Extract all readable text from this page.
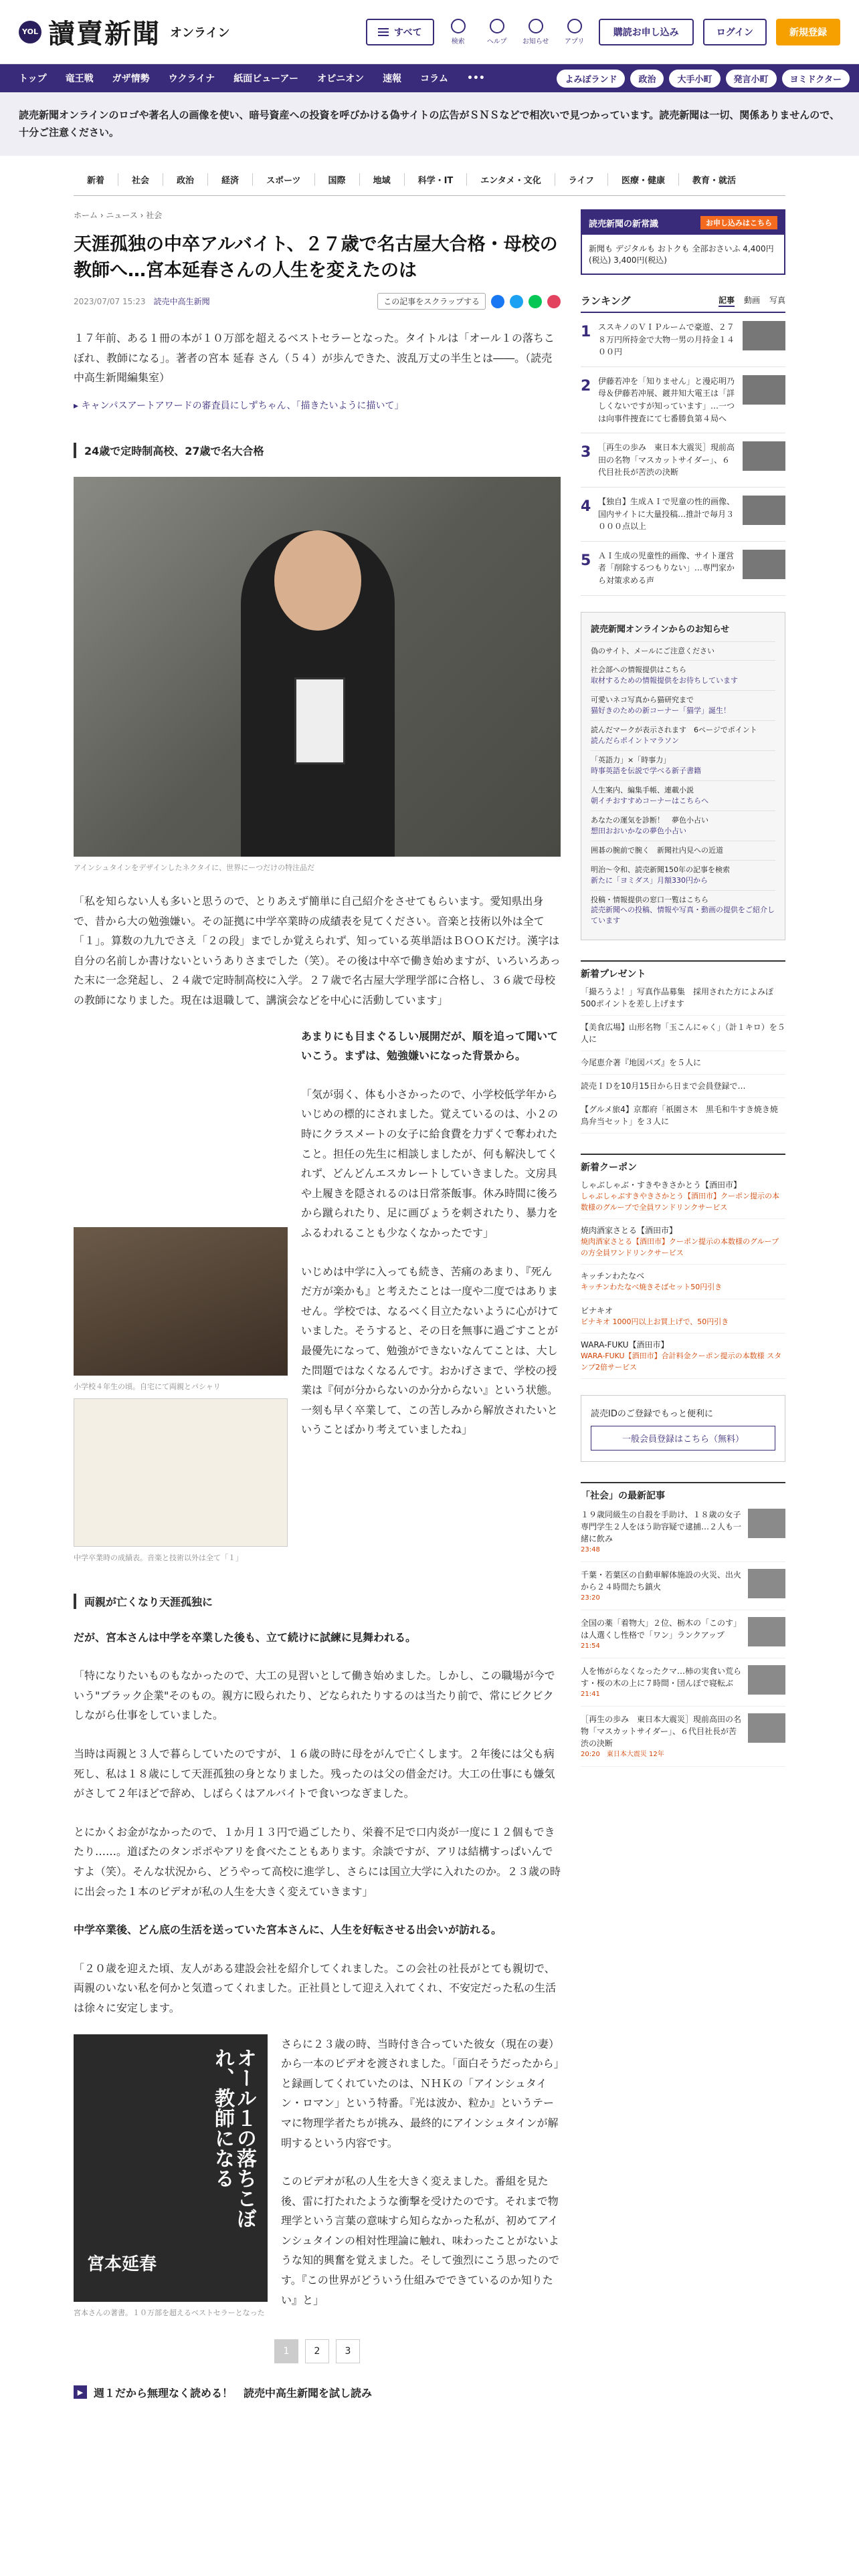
YOL 讀賣新聞 オンライン	すべて
検索	ヘルプ お知らせ アプリ
購読お申し込み	ログイン	新規登録
トップ	竜王戦	ガザ情勢	ウクライナ	紙面ビューアー	オピニオン	速報	コラム	•••	よみぽランド	政治	大手小町	発言小町	ヨミドクター
読売新聞オンラインのロゴや著名人の画像を使い、暗号資産への投資を呼びかける偽サイトの広告がＳＮＳなどで相次いで見つかっています。読売新聞は一切、関係ありませんので、十分ご注意ください。
新着	社会	政治	経済	スポーツ	国際	地域	科学・IT	エンタメ・文化	ライフ	医療・健康	教育・就活
ホーム › ニュース › 社会
天涯孤独の中卒アルバイト、２７歳で名古屋大合格・母校の教師へ…宮本延春さんの人生を変えたのは
2023/07/07 15:23 読売中高生新聞	この記事をスクラップする

１７年前、ある１冊の本が１０万部を超えるベストセラーとなった。タイトルは「オール１の落ちこぼれ、教師になる」。著者の宮本 延春 さん（５４）が歩んできた、波乱万丈の半生とは――。（読売中高生新聞編集室）

▸ キャンパスアートアワードの審査員にしずちゃん、「描きたいように描いて」

24歳で定時制高校、27歳で名大合格
アインシュタインをデザインしたネクタイに、世界にーつだけの特注品だ

「私を知らない人も多いと思うので、とりあえず簡単に自己紹介をさせてもらいます。愛知県出身で、昔から大の勉強嫌い。その証拠に中学卒業時の成績表を見てください。音楽と技術以外は全て「１」。算数の九九でさえ「２の段」までしか覚えられず、知っている英単語はＢＯＯＫだけ。漢字は自分の名前しか書けないというありさまでした（笑）。その後は中卒で働き始めますが、いろいろあった末に一念発起し、２４歳で定時制高校に入学。２７歳で名古屋大学理学部に合格し、３６歳で母校の教師になりました。現在は退職して、講演会などを中心に活動しています」

小学校４年生の頃。自宅にて両親とパシャリ
中学卒業時の成績表。音楽と技術以外は全て「１」

あまりにも目まぐるしい展開だが、順を追って聞いていこう。まずは、勉強嫌いになった背景から。

「気が弱く、体も小さかったので、小学校低学年からいじめの標的にされました。覚えているのは、小２の時にクラスメートの女子に給食費を力ずくで奪われたこと。担任の先生に相談しましたが、何も解決してくれず、どんどんエスカレートしていきました。文房具や上履きを隠されるのは日常茶飯事。休み時間に後ろから蹴られたり、足に画びょうを刺されたり、暴力をふるわれることも少なくなかったです」

いじめは中学に入っても続き、苦痛のあまり、『死んだ方が楽かも』と考えたことは一度や二度ではありません。学校では、なるべく目立たないように心がけていました。そうすると、その日を無事に過ごすことが最優先になって、勉強ができないなんてことは、大した問題ではなくなるんです。おかげさまで、学校の授業は『何が分からないのか分からない』という状態。一刻も早く卒業して、この苦しみから解放されたいということばかり考えていましたね」

両親が亡くなり天涯孤独に

だが、宮本さんは中学を卒業した後も、立て続けに試練に見舞われる。

「特になりたいものもなかったので、大工の見習いとして働き始めました。しかし、この職場が今でいう"ブラック企業"そのもの。親方に殴られたり、どなられたりするのは当たり前で、常にビクビクしながら仕事をしていました。

当時は両親と３人で暮らしていたのですが、１６歳の時に母をがんで亡くします。２年後には父も病死し、私は１８歳にして天涯孤独の身となりました。残ったのは父の借金だけ。大工の仕事にも嫌気がさして２年ほどで辞め、しばらくはアルバイトで食いつなぎました。

とにかくお金がなかったので、１か月１３円で過ごしたり、栄養不足で口内炎が一度に１２個もできたり……。道ばたのタンポポやアリを食べたこともあります。余談ですが、アリは結構すっぱいんですよ（笑）。そんな状況から、どうやって高校に進学し、さらには国立大学に入れたのか。２３歳の時に出会った１本のビデオが私の人生を大きく変えていきます」

中学卒業後、どん底の生活を送っていた宮本さんに、人生を好転させる出会いが訪れる。

「２０歳を迎えた頃、友人がある建設会社を紹介してくれました。この会社の社長がとても親切で、両親のいない私を何かと気遣ってくれました。正社員として迎え入れてくれ、不安定だった私の生活は徐々に安定します。

オール１の落ちこぼれ、教師になる
宮本延春
宮本さんの著書。１０万部を超えるベストセラーとなった

さらに２３歳の時、当時付き合っていた彼女（現在の妻）から一本のビデオを渡されました。「面白そうだったから」と録画してくれていたのは、ＮＨＫの「アインシュタイン・ロマン」という特番。『光は波か、粒か』というテーマに物理学者たちが挑み、最終的にアインシュタインが解明するという内容です。

このビデオが私の人生を大きく変えました。番組を見た後、雷に打たれたような衝撃を受けたのです。それまで物理学という言葉の意味すら知らなかった私が、初めてアインシュタインの相対性理論に触れ、味わったことがないような知的興奮を覚えました。そして強烈にこう思ったのです。『この世界がどういう仕組みでできているのか知りたい』と」

1	2	3
▶ 週１だから無理なく読める！　読売中高生新聞を試し読み
読売新聞の新常識	お申し込みはこちら
新聞も デジタルも おトクも 全部おさいふ 4,400円(税込) 3,400円(税込)
ランキング	記事 動画 写真
1 ススキノのＶＩＰルームで豪遊、２７８万円所持金で大物一男の月持金１４００円
2 伊藤若冲を「知りません」と漫応明乃母＆伊藤若冲展、鍍井知大電王は「詳しくないですが知っています」…一つは向事件捜査にて七番勝負第４局へ
3 ［再生の歩み　東日本大震災］現前高田の名物「マスカットサイダー」、６代目社長が苦渋の決断
4 【独自】生成ＡＩで児童の性的画像、国内サイトに大量投稿…推計で毎月３０００点以上
5 ＡＩ生成の児童性的画像、サイト運営者「削除するつもりない」…専門家から対策求める声
読売新聞オンラインからのお知らせ
偽のサイト、メールにご注意ください
社会部への情報提供はこちら
取材するための情報提供をお待ちしています
可愛いネコ写真から猫研究まで
猫好きのための新コーナー「猫学」誕生！
読んだマークが表示されます　6ページでポイント
読んだらポイントマラソン
「英語力」×「時事力」
時事英語を伝説で学べる新子書籍
人生案内、編集手帳、連載小説
朝イチおすすめコーナーはこちらへ
あなたの運気を診断！　夢色小占い
想田おおいかなの夢色小占い
囲碁の腕前で腕く　新聞社内見への近道
明治～令和、読売新聞150年の記事を検索
新たに「ヨミダス」月額330円から
投稿・情報提供の窓口一覧はこちら
読売新聞への投稿、情報や写真・動画の提供をご紹介しています
新着プレゼント
「撮ろうよ！」写真作品募集　採用された方によみぽ500ポイントを差し上げます
【美食広場】山形名物「玉こんにゃく」（計１キロ）を５人に
今尾恵介著『地図パズ』を５人に
読売ＩＤを10月15日から日まで会員登録で…
【グルメ旅4】京都府「祇園さ木　黒毛和牛すき焼き焼鳥弁当セット」を３人に
新着クーポン
しゃぶしゃぶ・すきやきさかとう【酒田市】
しゃぶしゃぶすきやきさかとう【酒田市】クーポン提示の本数様のグループで全員ワンドリンクサービス
焼肉酒家さとる【酒田市】
焼肉酒家さとる【酒田市】クーポン提示の本数様のグループの方全員ワンドリンクサービス
キッチンわたなべ
キッチンわたなべ焼きそばセット50円引き
ビナキオ
ビナキオ 1000円以上お買上げで、50円引き
WARA-FUKU【酒田市】
WARA-FUKU【酒田市】合計料金クーポン提示の本数様 スタンプ2倍サービス
読売IDのご登録でもっと便利に
一般会員登録はこちら（無料）
「社会」の最新記事
１９歳同級生の自殺を手助け、１８歳の女子専門学生２人をほう助容疑で逮捕…２人も一緒に飲み
23:48
千葉・若葉区の自動車解体施設の火災、出火から２４時間たち鎮火
23:20
全国の薬「着物大」２位、栃木の「このす」は人選くし性格で「ワン」ランクアップ
21:54
人を怖がらなくなったクマ…柿の実食い荒らす・桜の木の上に７時間・団んぼで寝転ぶ
21:41
［再生の歩み　東日本大震災］現前高田の名物「マスカットサイダー」、６代目社長が苦渋の決断
20:20　東日本大震災 12年
